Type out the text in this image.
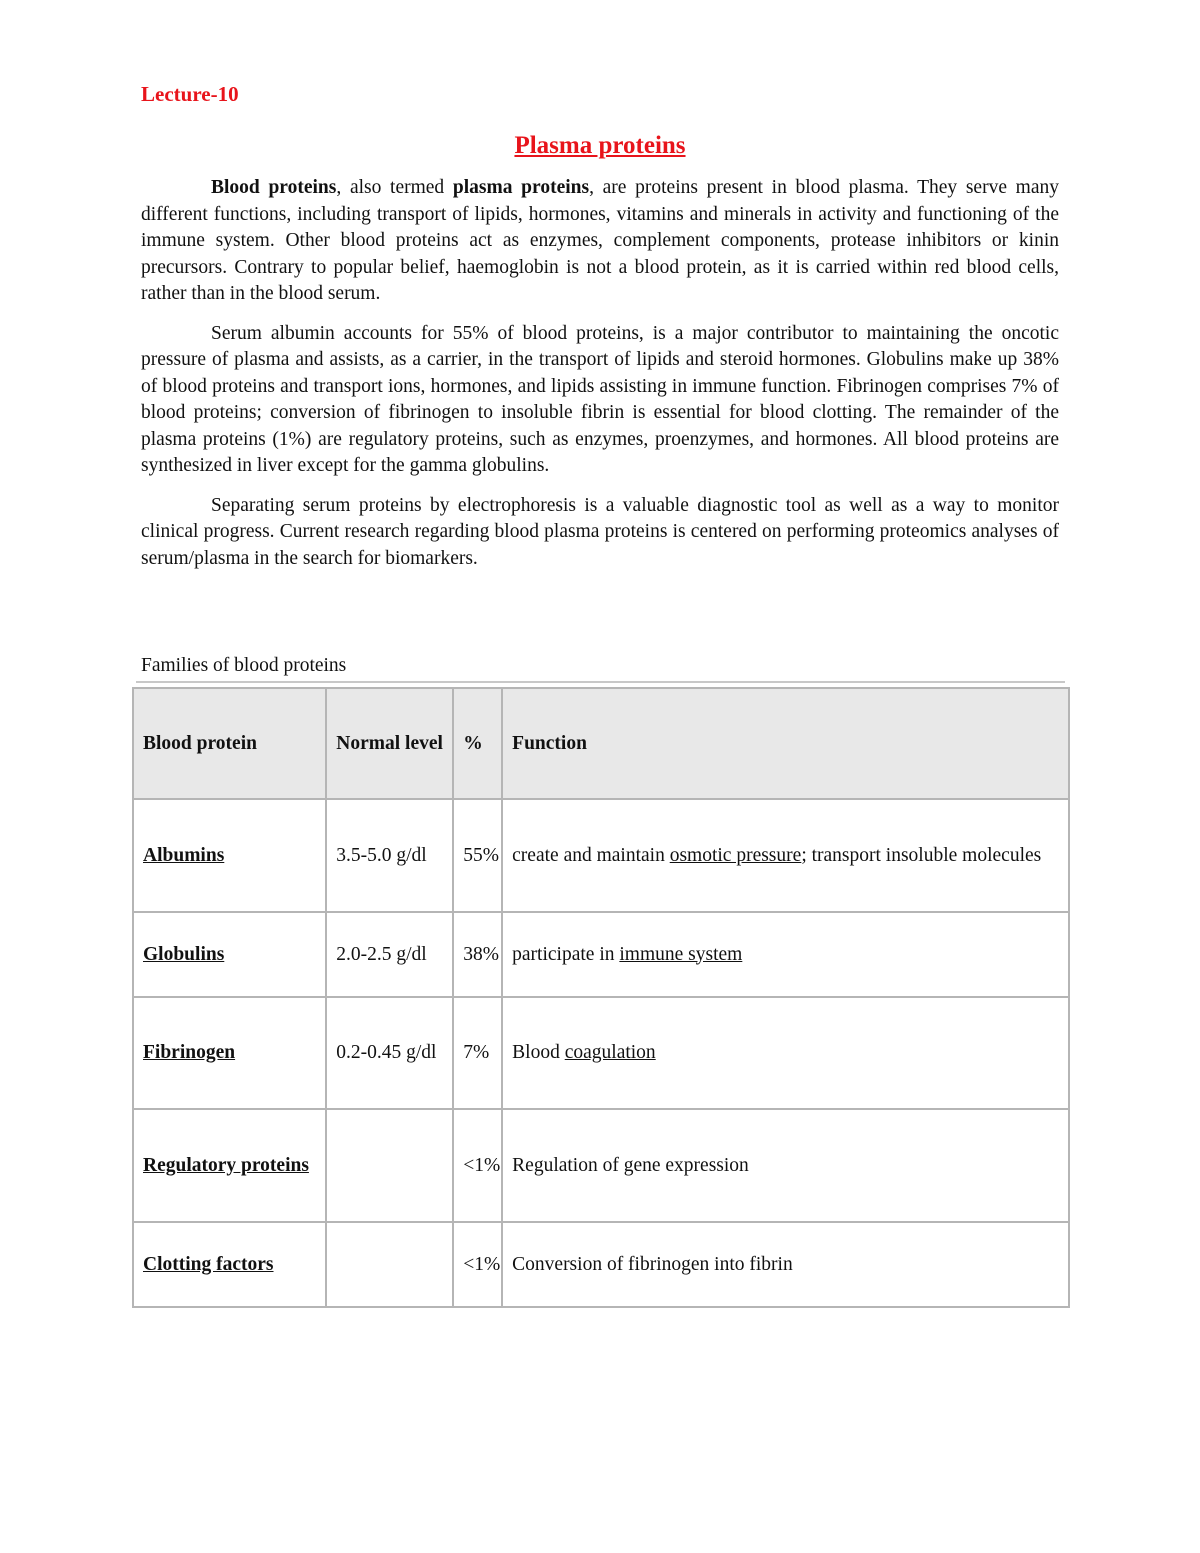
Lecture-10
Plasma proteins

Blood proteins, also termed plasma proteins, are proteins present in blood plasma. They serve many different functions, including transport of lipids, hormones, vitamins and minerals in activity and functioning of the immune system. Other blood proteins act as enzymes, complement components, protease inhibitors or kinin precursors. Contrary to popular belief, haemoglobin is not a blood protein, as it is carried within red blood cells, rather than in the blood serum.

Serum albumin accounts for 55% of blood proteins, is a major contributor to maintaining the oncotic pressure of plasma and assists, as a carrier, in the transport of lipids and steroid hormones. Globulins make up 38% of blood proteins and transport ions, hormones, and lipids assisting in immune function. Fibrinogen comprises 7% of blood proteins; conversion of fibrinogen to insoluble fibrin is essential for blood clotting. The remainder of the plasma proteins (1%) are regulatory proteins, such as enzymes, proenzymes, and hormones. All blood proteins are synthesized in liver except for the gamma globulins.

Separating serum proteins by electrophoresis is a valuable diagnostic tool as well as a way to monitor clinical progress. Current research regarding blood plasma proteins is centered on performing proteomics analyses of serum/plasma in the search for biomarkers.

Families of blood proteins
Blood protein	Normal level	%	Function
Albumins	3.5-5.0 g/dl	55%	create and maintain osmotic pressure; transport insoluble molecules
Globulins	2.0-2.5 g/dl	38%	participate in immune system
Fibrinogen	0.2-0.45 g/dl	7%	Blood coagulation
Regulatory proteins		<1%	Regulation of gene expression
Clotting factors		<1%	Conversion of fibrinogen into fibrin
